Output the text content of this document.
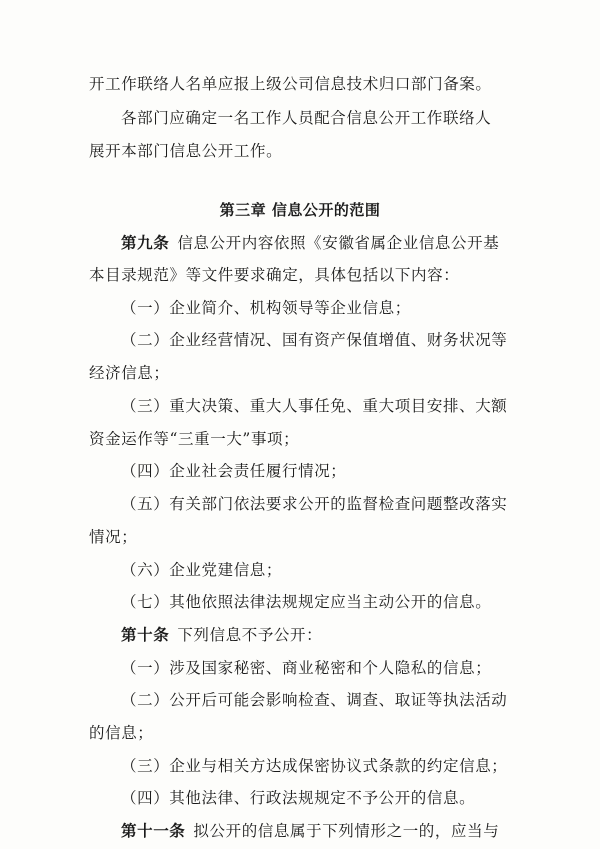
开工作联络人名单应报上级公司信息技术归口部门备案。
各部门应确定一名工作人员配合信息公开工作联络人
展开本部门信息公开工作。
第三章 信息公开的范围
第九条 信息公开内容依照《安徽省属企业信息公开基
本目录规范》等文件要求确定，具体包括以下内容：
（一）企业简介、机构领导等企业信息；
（二）企业经营情况、国有资产保值增值、财务状况等
经济信息；
（三）重大决策、重大人事任免、重大项目安排、大额
资金运作等“三重一大”事项；
（四）企业社会责任履行情况；
（五）有关部门依法要求公开的监督检查问题整改落实
情况；
（六）企业党建信息；
（七）其他依照法律法规规定应当主动公开的信息。
第十条 下列信息不予公开：
（一）涉及国家秘密、商业秘密和个人隐私的信息；
（二）公开后可能会影响检查、调查、取证等执法活动
的信息；
（三）企业与相关方达成保密协议式条款的约定信息；
（四）其他法律、行政法规规定不予公开的信息。
第十一条 拟公开的信息属于下列情形之一的，应当与
